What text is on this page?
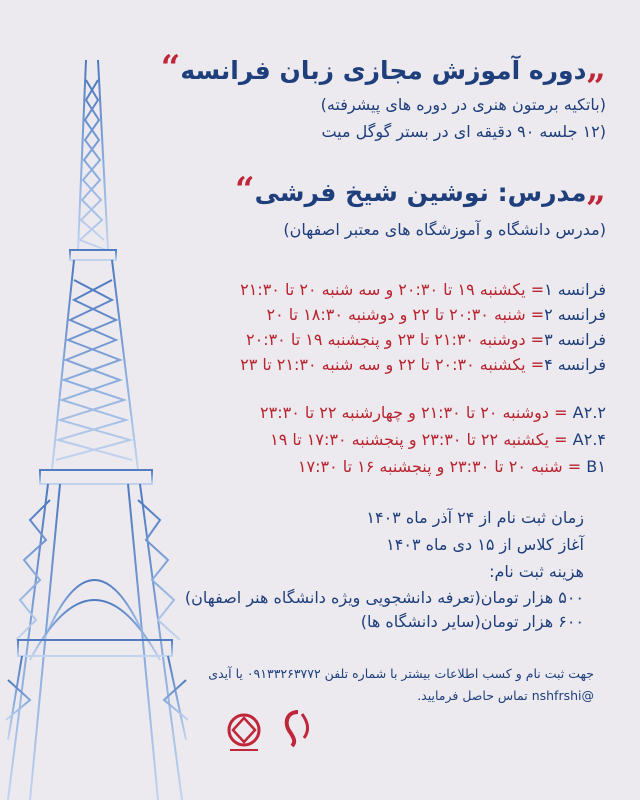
„دوره آموزش مجازی زبان فرانسه“

(باتکیه برمتون هنری در دوره های پیشرفته)

(۱۲ جلسه ۹۰ دقیقه ای در بستر گوگل میت

„مدرس: نوشین شیخ فرشی“

(مدرس دانشگاه و آموزشگاه های معتبر اصفهان)

فرانسه ۱= یکشنبه ۱۹ تا ۲۰:۳۰ و سه شنبه ۲۰ تا ۲۱:۳۰

فرانسه ۲= شنبه ۲۰:۳۰ تا ۲۲ و دوشنبه ۱۸:۳۰ تا ۲۰

فرانسه ۳= دوشنبه ۲۱:۳۰ تا ۲۳ و پنجشنبه ۱۹ تا ۲۰:۳۰

فرانسه ۴= یکشنبه ۲۰:۳۰ تا ۲۲ و سه شنبه ۲۱:۳۰ تا ۲۳

A۲.۲ = دوشنبه ۲۰ تا ۲۱:۳۰ و چهارشنبه ۲۲ تا ۲۳:۳۰

A۲.۴ = یکشنبه ۲۲ تا ۲۳:۳۰ و پنجشنبه ۱۷:۳۰ تا ۱۹

B۱ = شنبه ۲۰ تا ۲۳:۳۰ و پنجشنبه ۱۶ تا ۱۷:۳۰

زمان ثبت نام از ۲۴ آذر ماه ۱۴۰۳

آغاز کلاس از ۱۵ دی ماه ۱۴۰۳

هزینه ثبت نام:

۵۰۰ هزار تومان(تعرفه دانشجویی ویژه دانشگاه هنر اصفهان)

۶۰۰ هزار تومان(سایر دانشگاه ها)

جهت ثبت نام و کسب اطلاعات بیشتر با شماره تلفن ۰۹۱۳۳۲۶۳۷۷۲ یا آیدی

@nshfrshi تماس حاصل فرمایید.
